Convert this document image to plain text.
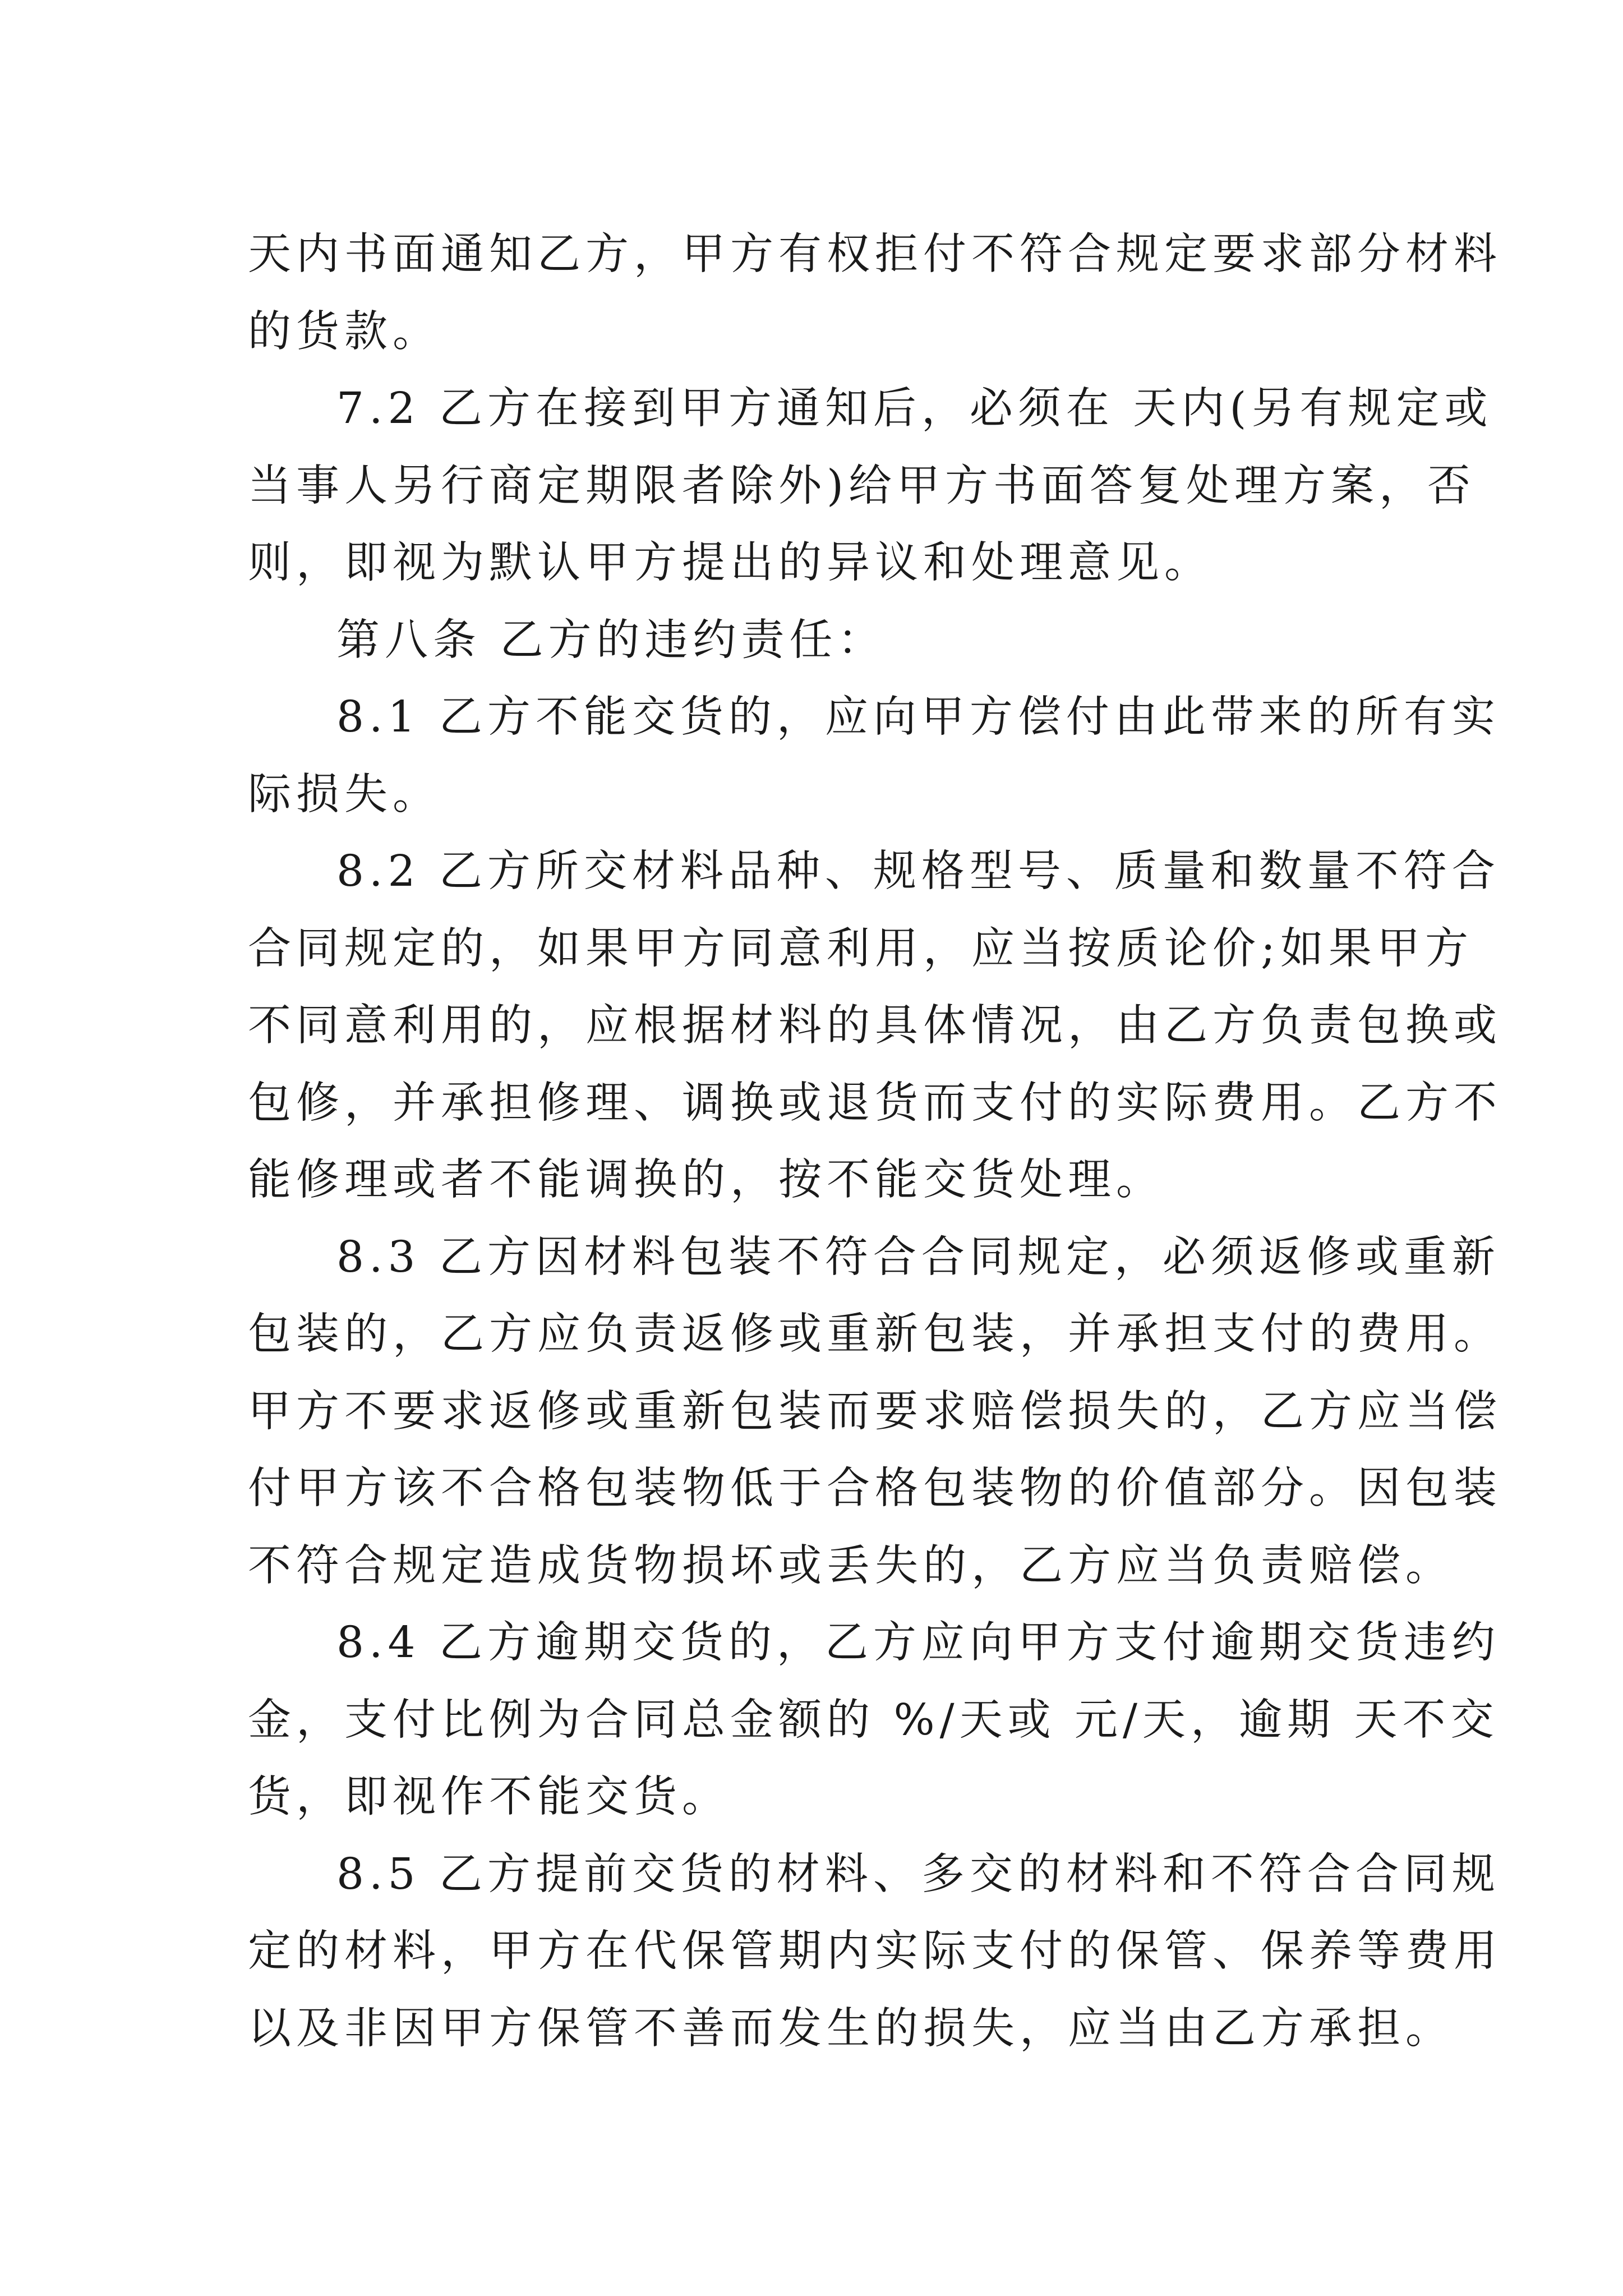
天内书面通知乙方，甲方有权拒付不符合规定要求部分材料
的货款。
7.2 乙方在接到甲方通知后，必须在 天内(另有规定或
当事人另行商定期限者除外)给甲方书面答复处理方案，否
则，即视为默认甲方提出的异议和处理意见。
第八条 乙方的违约责任：
8.1 乙方不能交货的，应向甲方偿付由此带来的所有实
际损失。
8.2 乙方所交材料品种、规格型号、质量和数量不符合
合同规定的，如果甲方同意利用，应当按质论价;如果甲方
不同意利用的，应根据材料的具体情况，由乙方负责包换或
包修，并承担修理、调换或退货而支付的实际费用。乙方不
能修理或者不能调换的，按不能交货处理。
8.3 乙方因材料包装不符合合同规定，必须返修或重新
包装的，乙方应负责返修或重新包装，并承担支付的费用。
甲方不要求返修或重新包装而要求赔偿损失的，乙方应当偿
付甲方该不合格包装物低于合格包装物的价值部分。因包装
不符合规定造成货物损坏或丢失的，乙方应当负责赔偿。
8.4 乙方逾期交货的，乙方应向甲方支付逾期交货违约
金，支付比例为合同总金额的 %/天或 元/天，逾期 天不交
货，即视作不能交货。
8.5 乙方提前交货的材料、多交的材料和不符合合同规
定的材料，甲方在代保管期内实际支付的保管、保养等费用
以及非因甲方保管不善而发生的损失，应当由乙方承担。
